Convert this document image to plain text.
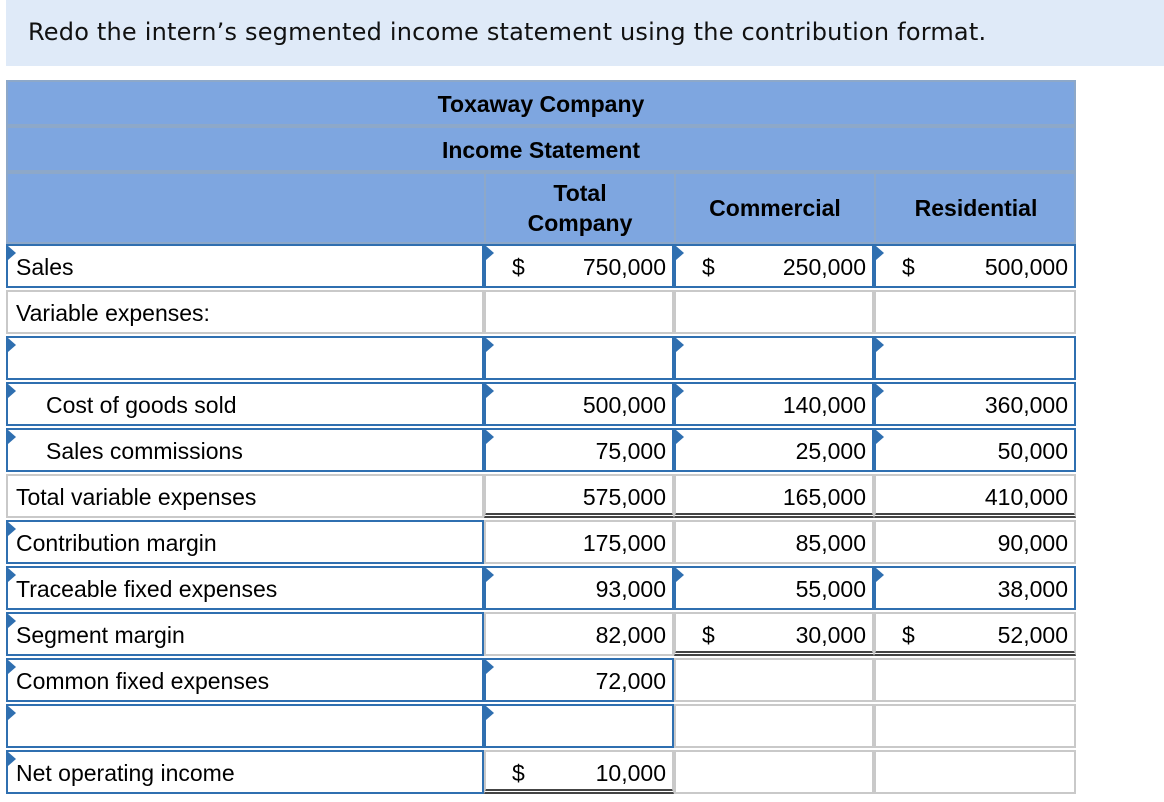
Redo the intern’s segmented income statement using the contribution format.
Toxaway Company
Income Statement
Total Company
Commercial	Residential
Sales	$	750,000 $	250,000 $	500,000
Variable expenses:
Cost of goods sold	500,000	140,000	360,000
Sales commissions	75,000	25,000	50,000
Total variable expenses	575,000	165,000	410,000
Contribution margin	175,000	85,000	90,000
Traceable fixed expenses	93,000	55,000	38,000
Segment margin	82,000 $	30,000 $	52,000
Common fixed expenses	72,000
Net operating income	$	10,000
